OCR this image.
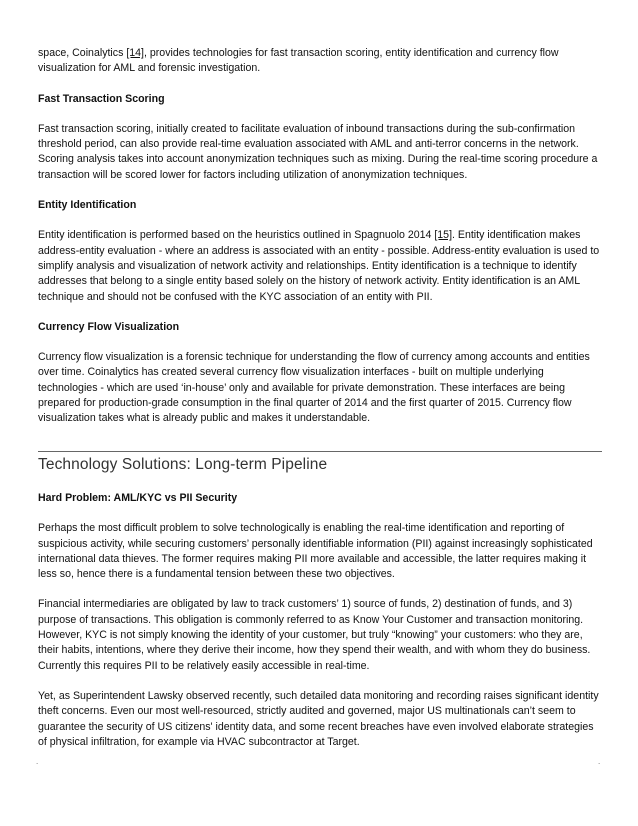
space, Coinalytics [14], provides technologies for fast transaction scoring, entity identification and currency flow visualization for AML and forensic investigation.

Fast Transaction Scoring

Fast transaction scoring, initially created to facilitate evaluation of inbound transactions during the sub-confirmation threshold period, can also provide real-time evaluation associated with AML and anti-terror concerns in the network. Scoring analysis takes into account anonymization techniques such as mixing. During the real-time scoring procedure a transaction will be scored lower for factors including utilization of anonymization techniques.

Entity Identification

Entity identification is performed based on the heuristics outlined in Spagnuolo 2014 [15]. Entity identification makes address-entity evaluation - where an address is associated with an entity - possible. Address-entity evaluation is used to simplify analysis and visualization of network activity and relationships. Entity identification is a technique to identify addresses that belong to a single entity based solely on the history of network activity. Entity identification is an AML technique and should not be confused with the KYC association of an entity with PII.

Currency Flow Visualization

Currency flow visualization is a forensic technique for understanding the flow of currency among accounts and entities over time. Coinalytics has created several currency flow visualization interfaces - built on multiple underlying technologies - which are used ‘in-house’ only and available for private demonstration. These interfaces are being prepared for production-grade consumption in the final quarter of 2014 and the first quarter of 2015. Currency flow visualization takes what is already public and makes it understandable.

Technology Solutions: Long-term Pipeline

Hard Problem: AML/KYC vs PII Security

Perhaps the most difficult problem to solve technologically is enabling the real-time identification and reporting of suspicious activity, while securing customers’ personally identifiable information (PII) against increasingly sophisticated international data thieves. The former requires making PII more available and accessible, the latter requires making it less so, hence there is a fundamental tension between these two objectives.

Financial intermediaries are obligated by law to track customers’ 1) source of funds, 2) destination of funds, and 3) purpose of transactions. This obligation is commonly referred to as Know Your Customer and transaction monitoring. However, KYC is not simply knowing the identity of your customer, but truly “knowing” your customers: who they are, their habits, intentions, where they derive their income, how they spend their wealth, and with whom they do business. Currently this requires PII to be relatively easily accessible in real-time.

Yet, as Superintendent Lawsky observed recently, such detailed data monitoring and recording raises significant identity theft concerns. Even our most well-resourced, strictly audited and governed, major US multinationals can’t seem to guarantee the security of US citizens' identity data, and some recent breaches have even involved elaborate strategies of physical infiltration, for example via HVAC subcontractor at Target.

.	.
